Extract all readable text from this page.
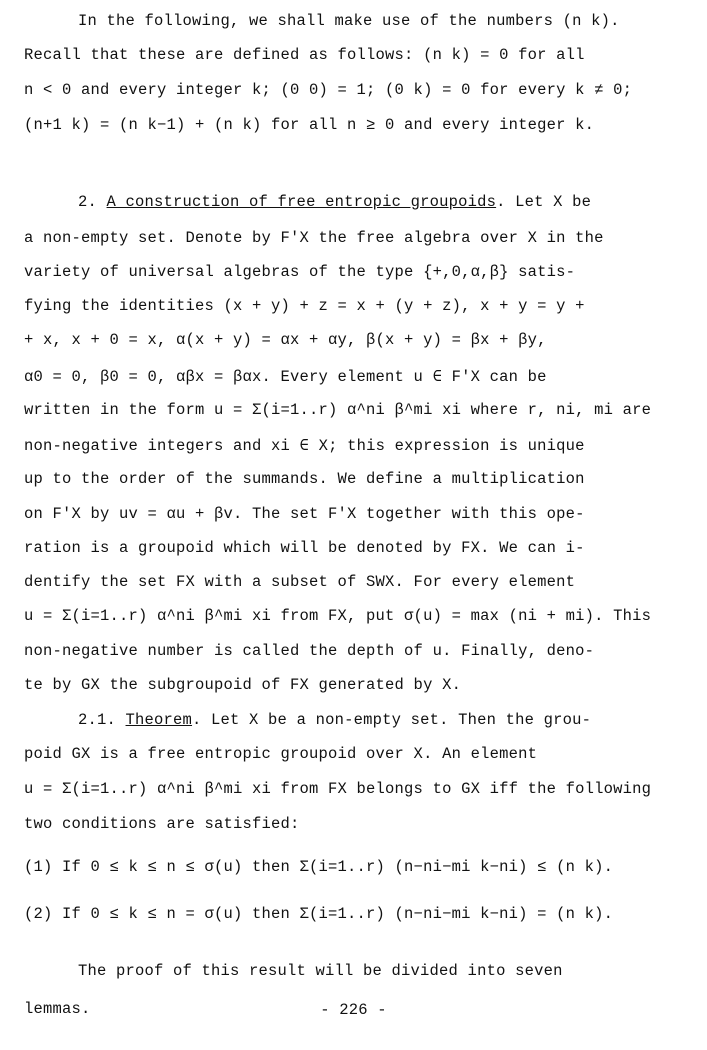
In the following, we shall make use of the numbers (n k).
Recall that these are defined as follows: (n k) = 0 for all
n < 0 and every integer k; (0 0) = 1; (0 k) = 0 for every k ≠ 0;
(n+1 k) = (n k−1) + (n k) for all n ≥ 0 and every integer k.
2. A construction of free entropic groupoids. Let X be
a non-empty set. Denote by F'X the free algebra over X in the
variety of universal algebras of the type {+,0,α,β} satis-
fying the identities (x + y) + z = x + (y + z), x + y = y +
+ x, x + 0 = x, α(x + y) = αx + αy, β(x + y) = βx + βy,
α0 = 0, β0 = 0, αβx = βαx. Every element u ∈ F'X can be
written in the form u = Σ(i=1..r) α^ni β^mi xi where r, ni, mi are
non-negative integers and xi ∈ X; this expression is unique
up to the order of the summands. We define a multiplication
on F'X by uv = αu + βv. The set F'X together with this ope-
ration is a groupoid which will be denoted by FX. We can i-
dentify the set FX with a subset of SWX. For every element
u = Σ(i=1..r) α^ni β^mi xi from FX, put σ(u) = max (ni + mi). This
non-negative number is called the depth of u. Finally, deno-
te by GX the subgroupoid of FX generated by X.
2.1. Theorem. Let X be a non-empty set. Then the grou-
poid GX is a free entropic groupoid over X. An element
u = Σ(i=1..r) α^ni β^mi xi from FX belongs to GX iff the following
two conditions are satisfied:
(1) If 0 ≤ k ≤ n ≤ σ(u) then Σ(i=1..r) (n−ni−mi k−ni) ≤ (n k).
(2) If 0 ≤ k ≤ n = σ(u) then Σ(i=1..r) (n−ni−mi k−ni) = (n k).
The proof of this result will be divided into seven
lemmas.	- 226 -
